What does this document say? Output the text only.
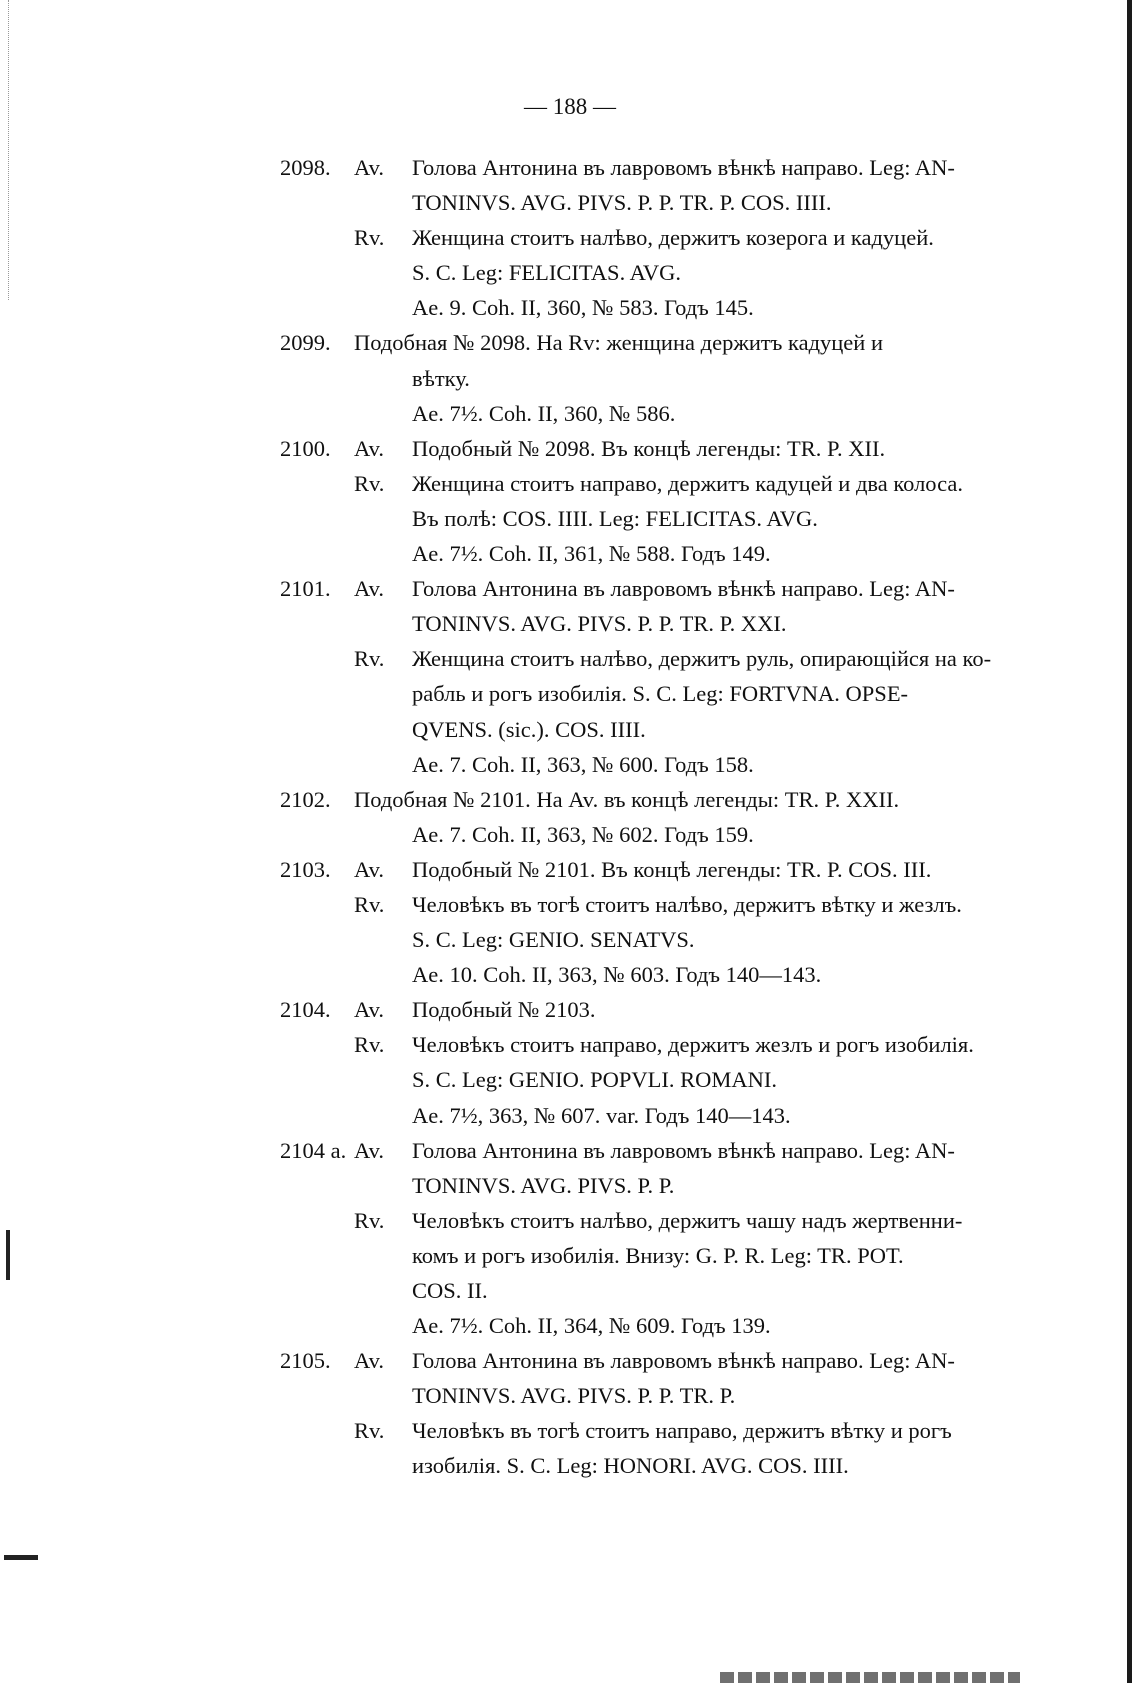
— 188 —
2098.	Av.	Голова Антонина въ лавровомъ вѣнкѣ направо. Leg: AN-
TONINVS. AVG. PIVS. P. P. TR. P. COS. IIII.
Rv.	Женщина стоитъ налѣво, держитъ козерога и кадуцей.
S. C. Leg: FELICITAS. AVG.
Ae. 9. Coh. II, 360, № 583. Годъ 145.
2099.	Подобная № 2098. На Rv: женщина держитъ кадуцей и
вѣтку.
Ae. 7½. Coh. II, 360, № 586.
2100.	Av.	Подобный № 2098. Въ концѣ легенды: TR. P. XII.
Rv.	Женщина стоитъ направо, держитъ кадуцей и два колоса.
Въ полѣ: COS. IIII. Leg: FELICITAS. AVG.
Ae. 7½. Coh. II, 361, № 588. Годъ 149.
2101.	Av.	Голова Антонина въ лавровомъ вѣнкѣ направо. Leg: AN-
TONINVS. AVG. PIVS. P. P. TR. P. XXI.
Rv.	Женщина стоитъ налѣво, держитъ руль, опирающійся на ко-
рабль и рогъ изобилія. S. C. Leg: FORTVNA. OPSE-
QVENS. (sic.). COS. IIII.
Ae. 7. Coh. II, 363, № 600. Годъ 158.
2102.	Подобная № 2101. На Av. въ концѣ легенды: TR. P. XXII.
Ae. 7. Coh. II, 363, № 602. Годъ 159.
2103.	Av.	Подобный № 2101. Въ концѣ легенды: TR. P. COS. III.
Rv.	Человѣкъ въ тогѣ стоитъ налѣво, держитъ вѣтку и жезлъ.
S. C. Leg: GENIO. SENATVS.
Ae. 10. Coh. II, 363, № 603. Годъ 140—143.
2104.	Av.	Подобный № 2103.
Rv.	Человѣкъ стоитъ направо, держитъ жезлъ и рогъ изобилія.
S. C. Leg: GENIO. POPVLI. ROMANI.
Ae. 7½, 363, № 607. var. Годъ 140—143.
2104 a. Av.	Голова Антонина въ лавровомъ вѣнкѣ направо. Leg: AN-
TONINVS. AVG. PIVS. P. P.
Rv.	Человѣкъ стоитъ налѣво, держитъ чашу надъ жертвенни-
комъ и рогъ изобилія. Внизу: G. P. R. Leg: TR. POT.
COS. II.
Ae. 7½. Coh. II, 364, № 609. Годъ 139.
2105.	Av.	Голова Антонина въ лавровомъ вѣнкѣ направо. Leg: AN-
TONINVS. AVG. PIVS. P. P. TR. P.
Rv.	Человѣкъ въ тогѣ стоитъ направо, держитъ вѣтку и рогъ
изобилія. S. C. Leg: HONORI. AVG. COS. IIII.
